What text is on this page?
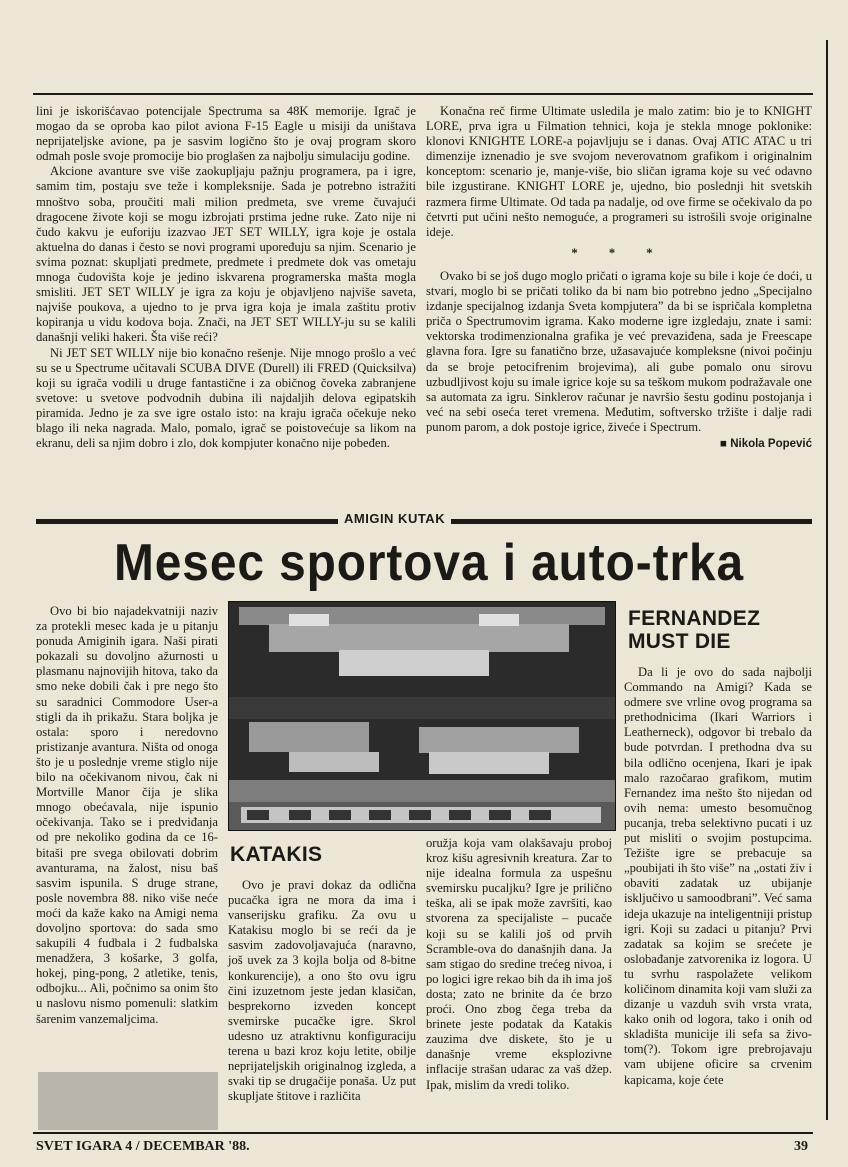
lini je iskorišćavao potencijale Spectruma sa 48K memorije. Igrač je mogao da se oproba kao pilot aviona F-15 Eagle u misiji da uništava neprijateljske avione, pa je sasvim logično što je ovaj program skoro odmah posle svoje promocije bio proglašen za najbolju simulaciju godine.

Akcione avanture sve više zaokupljaju pažnju programera, pa i igre, samim tim, postaju sve teže i kompleksnije. Sada je potrebno istražiti mnoštvo soba, proučiti mali milion predmeta, sve vreme čuvajući dragocene živote koji se mogu izbrojati prstima jedne ruke. Zato nije ni čudo kakvu je euforiju izazvao JET SET WILLY, igra koje je ostala aktuelna do danas i često se novi programi upoređuju sa njim. Scenario je svima poznat: skupljati predmete, predmete i predmete dok vas ometaju mnoga čudovišta koje je jedino iskvarena programerska mašta mogla smisliti. JET SET WILLY je igra za koju je objavljeno najviše saveta, najviše poukova, a ujedno to je prva igra koja je imala zaštitu protiv kopiranja u vidu kodova boja. Znači, na JET SET WILLY-ju su se kalili današnji veliki hakeri. Šta više reći?

Ni JET SET WILLY nije bio konačno rešenje. Nije mnogo prošlo a već su se u Spectrume učitavali SCUBA DIVE (Durell) ili FRED (Quicksilva) koji su igrača vodili u druge fantastične i za običnog čoveka zabranjene svetove: u svetove podvodnih dubina ili najdaljih delova egipatskih piramida. Jedno je za sve igre ostalo isto: na kraju igrača očekuje neko blago ili neka nagrada. Malo, pomalo, igrač se poistovećuje sa likom na ekranu, deli sa njim dobro i zlo, dok kompjuter konačno nije pobeđen.

Konačna reč firme Ultimate usledila je malo zatim: bio je to KNIGHT LORE, prva igra u Filmation tehnici, koja je stekla mnoge poklonike: klonovi KNIGHTE LORE-a pojavljuju se i danas. Ovaj ATIC ATAC u tri dimenzije iznenadio je sve svojom neverovatnom grafikom i originalnim konceptom: scenario je, manje-više, bio sličan igrama koje su već odavno bile izgustirane. KNIGHT LORE je, ujedno, bio poslednji hit svetskih razmera firme Ultimate. Od tada pa nadalje, od ove firme se očekivalo da po četvrti put učini nešto nemoguće, a programeri su istrošili svoje originalne ideje.

* * *

Ovako bi se još dugo moglo pričati o igrama koje su bile i koje će doći, u stvari, moglo bi se pričati toliko da bi nam bio potrebno jedno „Specijalno izdanje specijalnog izdanja Sveta kompjutera” da bi se ispričala kompletna priča o Spectrumovim igrama. Kako moderne igre izgledaju, znate i sami: vektorska trodimenzionalna grafika je već prevaziđena, sada je Freescape glavna fora. Igre su fanatično brze, užasavajuće kompleksne (nivoi počinju da se broje petocifrenim brojevima), ali gube pomalo onu sirovu uzbudljivost koju su imale igrice koje su sa teškom mukom podražavale one sa automata za igru. Sinklerov računar je navršio šestu godinu postojanja i već na sebi oseća teret vremena. Međutim, softversko tržište i dalje radi punom parom, a dok postoje igrice, živeće i Spectrum.

■ Nikola Popević
AMIGIN KUTAK
Mesec sportova i auto-trka

Ovo bi bio najadekvatniji naziv za protekli mesec kada je u pitanju ponuda Amiginih igara. Naši pirati pokazali su dovoljno ažurnosti u plasmanu najnovijih hitova, tako da smo neke dobili čak i pre nego što su saradnici Commodore User-a stigli da ih prikažu. Stara boljka je ostala: sporo i neredovno pristizanje avantura. Ništa od onoga što je u poslednje vreme stiglo nije bilo na očekivanom nivou, čak ni Mortville Manor čija je slika mnogo obećavala, nije ispunio očekivanja. Tako se i predviđanja od pre nekoliko godina da ce 16-bitaši pre svega obilovati dobrim avanturama, na žalost, nisu baš sasvim ispunila. S druge strane, posle novembra 88. niko više neće moći da kaže kako na Amigi nema dovoljno sportova: do sada smo sakupili 4 fudbala i 2 fudbalska menadžera, 3 košarke, 3 golfa, hokej, ping-pong, 2 atletike, tenis, odbojku... Ali, počnimo sa onim što u naslovu nismo pomenuli: slatkim šarenim vanzemaljcima.

KATAKIS

Ovo je pravi dokaz da odlična pucačka igra ne mora da ima i vanserijsku grafiku. Za ovu u Katakisu moglo bi se reći da je sasvim zadovoljavajuća (naravno, još uvek za 3 kojla bolja od 8-bitne konkurencije), a ono što ovu igru čini izuzetnom jeste jedan klasičan, besprekorno izveden koncept svemirske pucačke igre. Skrol udesno uz atraktivnu konfiguraciju terena u bazi kroz koju letite, obilje neprijateljskih originalnog izgleda, a svaki tip se drugačije ponaša. Uz put skupljate štitove i različita

oružja koja vam olakšavaju proboj kroz kišu agresivnih kreatura. Zar to nije idealna formula za uspešnu svemirsku pucaljku? Igre je prilično teška, ali se ipak može završiti, kao stvorena za specijaliste – pucače koji su se kalili još od prvih Scramble-ova do današnjih dana. Ja sam stigao do sredine trećeg nivoa, i po logici igre rekao bih da ih ima još dosta; zato ne brinite da će brzo proći. Ono zbog čega treba da brinete jeste podatak da Katakis zauzima dve diskete, što je u današnje vreme eksplozivne inflacije strašan udarac za vaš džep. Ipak, mislim da vredi toliko.

FERNANDEZ
MUST DIE

Da li je ovo do sada najbolji Commando na Amigi? Kada se odmere sve vrline ovog programa sa prethodnicima (Ikari Warriors i Leatherneck), odgovor bi trebalo da bude potvrdan. I prethodna dva su bila odlično ocenjena, Ikari je ipak malo razočarao grafikom, mutim Fernandez ima nešto što nijedan od ovih nema: umesto besomučnog pucanja, treba selektivno pucati i uz put misliti o svojim postupcima. Težište igre se prebacuje sa „poubijati ih što više” na „ostati živ i obaviti zadatak uz ubijanje isključivo u samoodbrani”. Već sama ideja ukazuje na inteligentniji pristup igri. Koji su zadaci u pitanju? Prvi zadatak sa kojim se srećete je oslobađanje zatvorenika iz logora. U tu svrhu raspolažete velikom količinom dinamita koji vam služi za dizanje u vazduh svih vrsta vrata, kako onih od logora, tako i onih od skladišta municije ili sefa sa živo-tom(?). Tokom igre prebrojavaju vam ubijene oficire sa crvenim kapicama, koje ćete

SVET IGARA 4 / DECEMBAR '88.	39
